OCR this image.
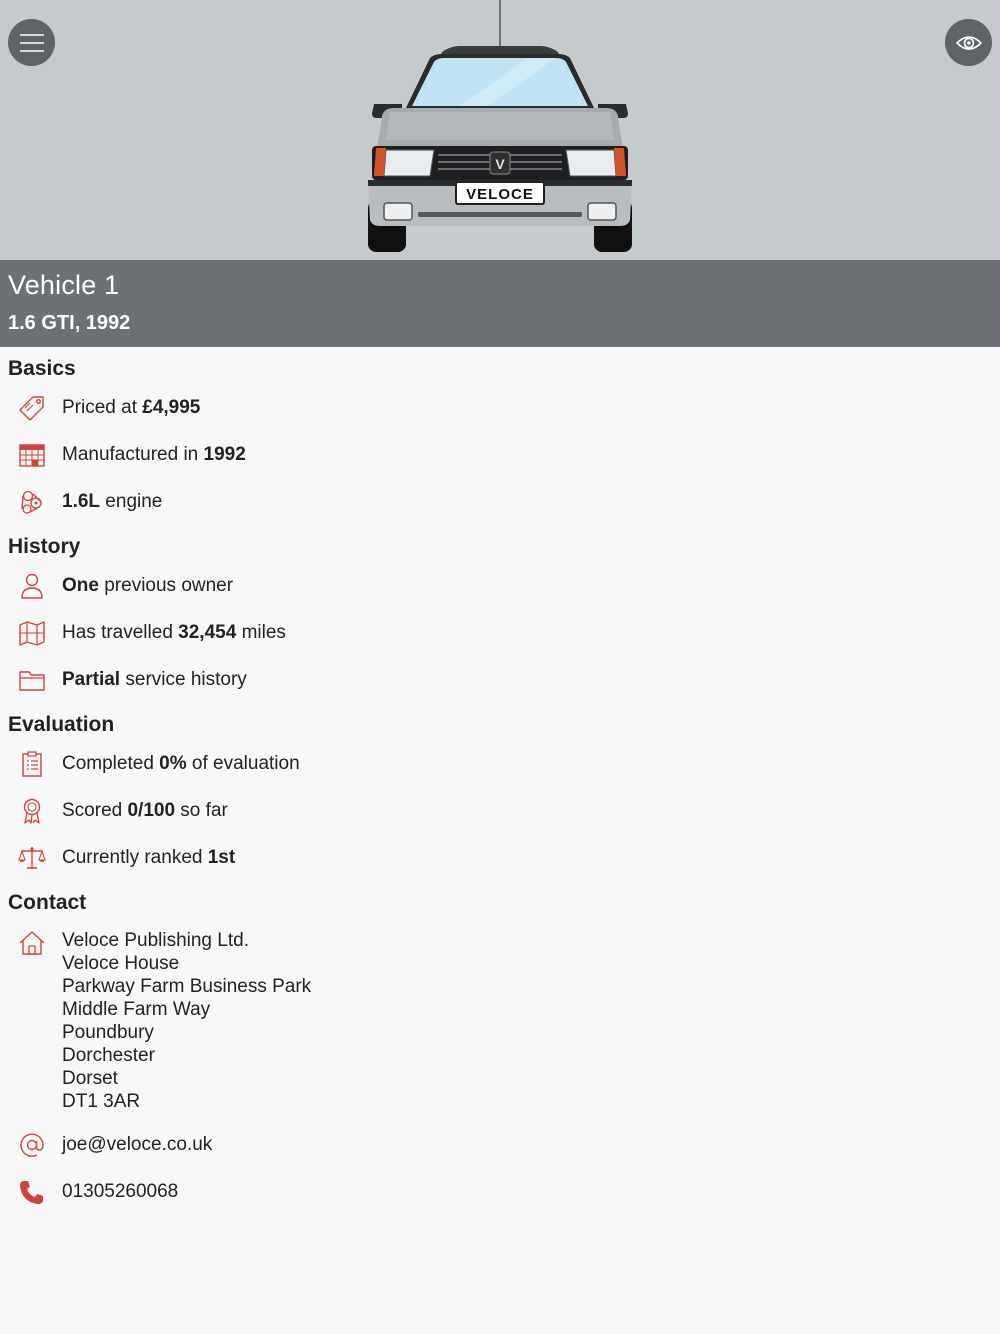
V
VELOCE
Vehicle 1
1.6 GTI, 1992
Basics
Priced at £4,995
Manufactured in 1992
1.6L engine
History
One previous owner
Has travelled 32,454 miles
Partial service history
Evaluation
Completed 0% of evaluation
Scored 0/100 so far
Currently ranked 1st
Contact
Veloce Publishing Ltd.
Veloce House
Parkway Farm Business Park
Middle Farm Way
Poundbury
Dorchester
Dorset
DT1 3AR
joe@veloce.co.uk
01305260068
